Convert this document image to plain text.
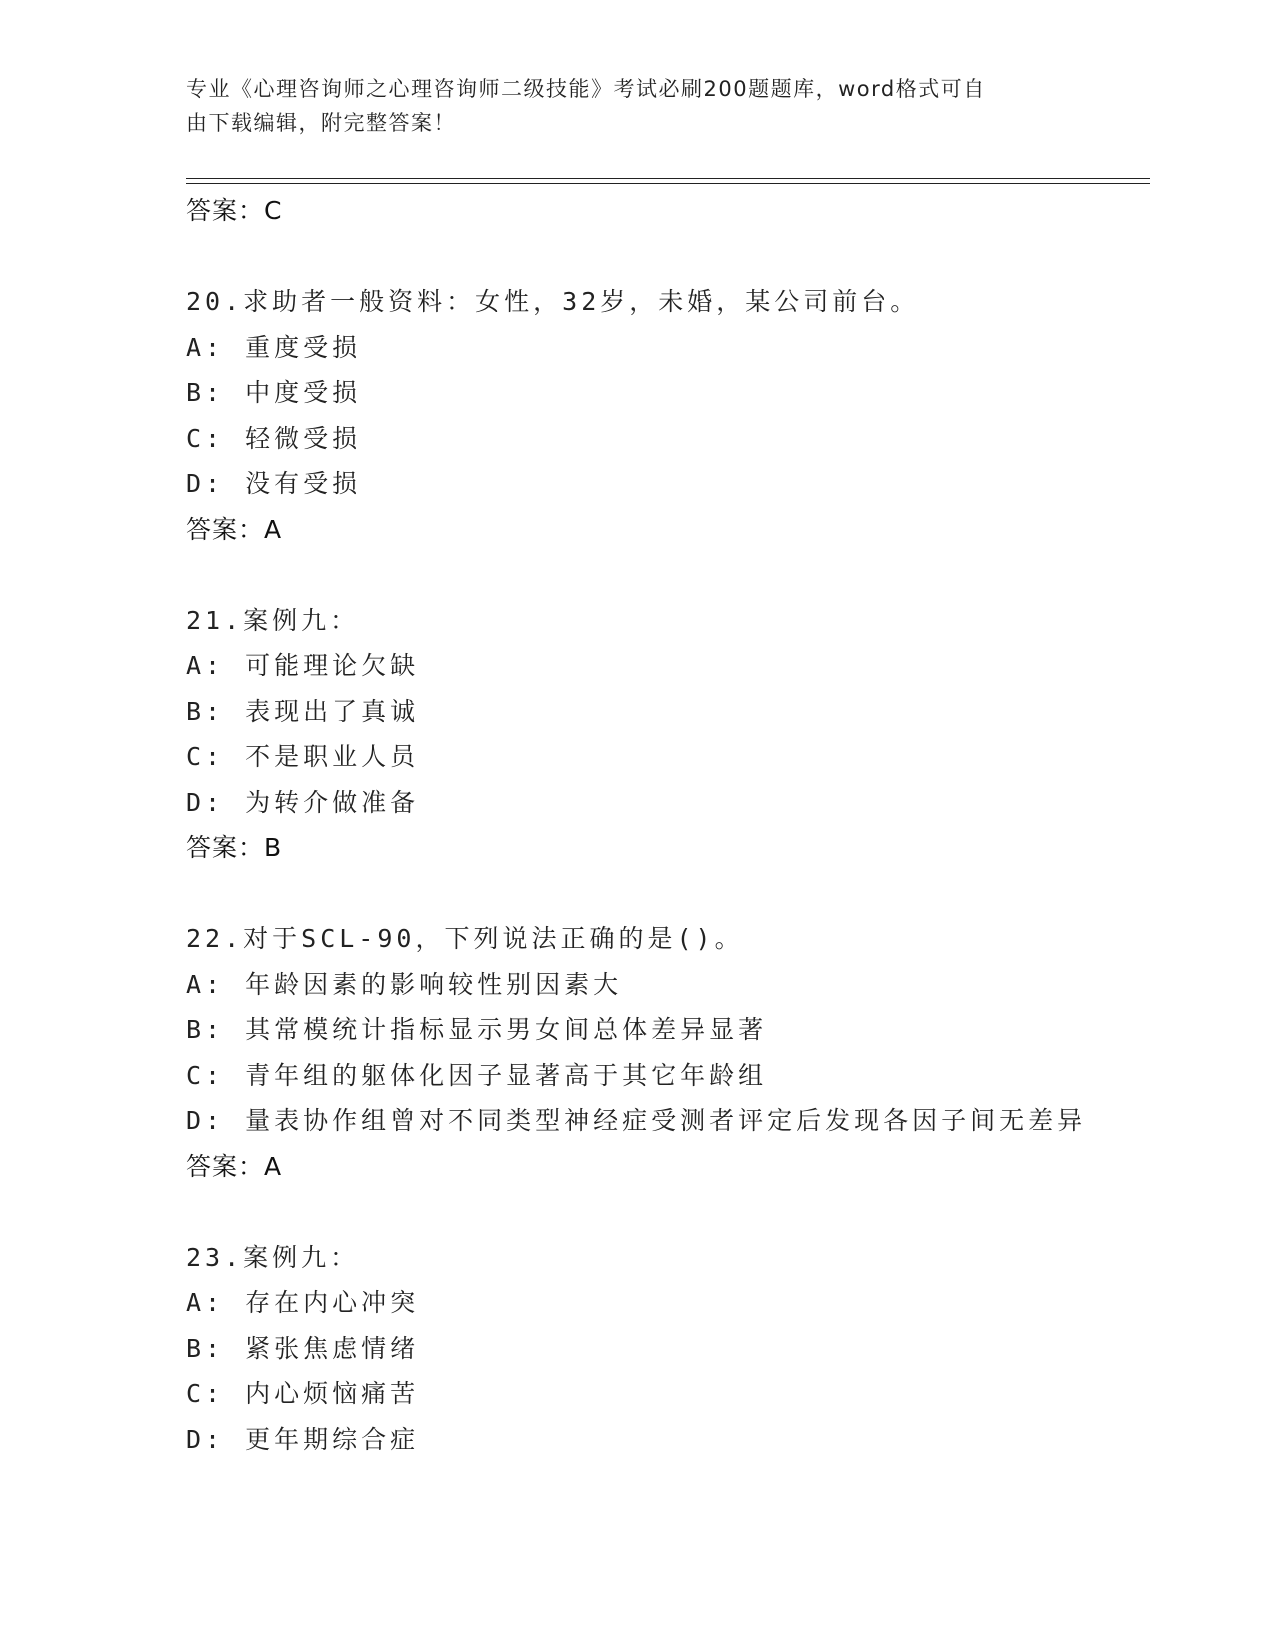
专业《心理咨询师之心理咨询师二级技能》考试必刷200题题库，word格式可自
由下载编辑，附完整答案！
答案：C
20.求助者一般资料：女性，32岁，未婚，某公司前台。
A: 重度受损
B: 中度受损
C: 轻微受损
D: 没有受损
答案：A
21.案例九：
A: 可能理论欠缺
B: 表现出了真诚
C: 不是职业人员
D: 为转介做准备
答案：B
22.对于SCL-90，下列说法正确的是()。
A: 年龄因素的影响较性别因素大
B: 其常模统计指标显示男女间总体差异显著
C: 青年组的躯体化因子显著高于其它年龄组
D: 量表协作组曾对不同类型神经症受测者评定后发现各因子间无差异
答案：A
23.案例九：
A: 存在内心冲突
B: 紧张焦虑情绪
C: 内心烦恼痛苦
D: 更年期综合症
